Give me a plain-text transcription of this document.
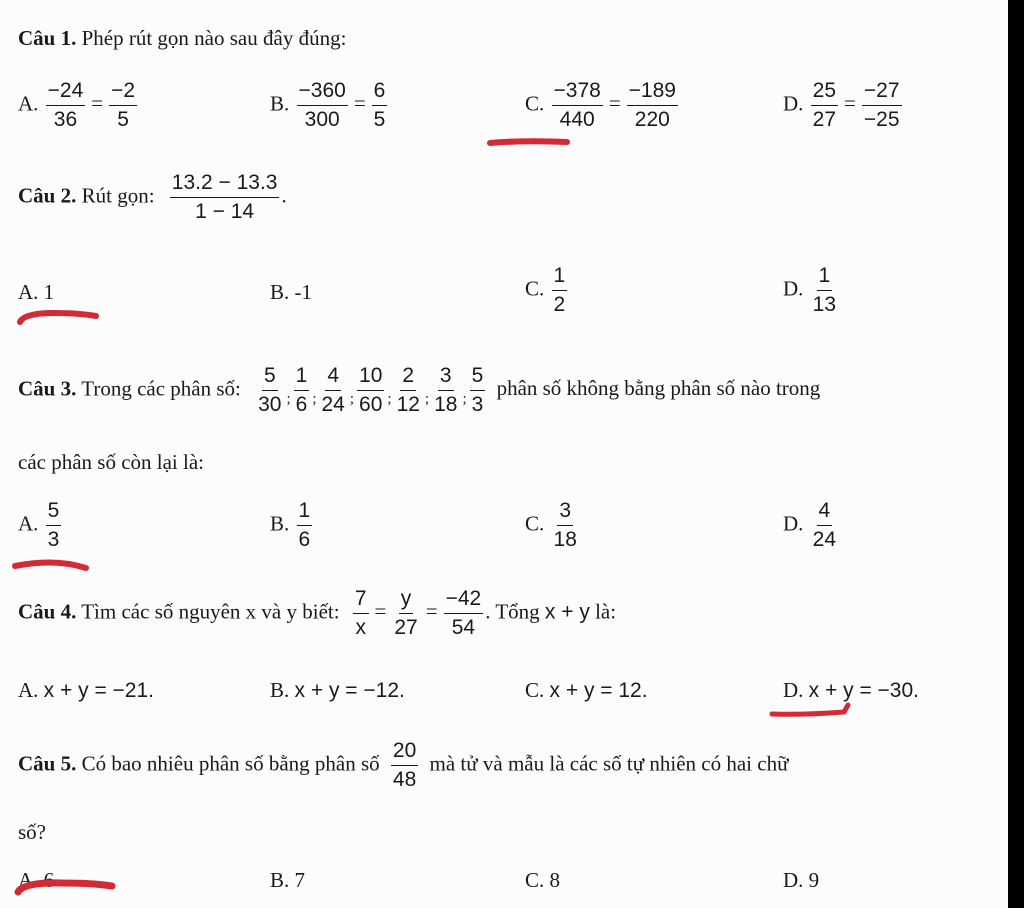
Câu 1. Phép rút gọn nào sau đây đúng:
A. $\frac{-24}{36} = \frac{-2}{5}$	B. $\frac{-360}{300} = \frac{6}{5}$	C. $\frac{-378}{440} = \frac{-189}{220}$	D. $\frac{25}{27} = \frac{-27}{-25}$
Câu 2. Rút gọn: $\frac{13.2 - 13.3}{1 - 14}$ .
A. 1	B. -1	C. $\frac{1}{2}$	D. $\frac{1}{13}$
Câu 3. Trong các phân số: $\frac{5}{30} _; \frac{1}{6} _; \frac{4}{24} _; \frac{10}{60} _; \frac{2}{12} _; \frac{3}{18} _; \frac{5}{3}$ phân số không bằng phân số nào trong
các phân số còn lại là:
A. $\frac{5}{3}$	B. $\frac{1}{6}$	C. $\frac{3}{18}$	D. $\frac{4}{24}$
Câu 4. Tìm các số nguyên x và y biết: $\frac{7}{x} = \frac{y}{27} = \frac{-42}{54}$ . Tổng x + y là:
A. x + y = −21.	B. x + y = −12.	C. x + y = 12.	D. x + y = −30.
Câu 5. Có bao nhiêu phân số bằng phân số $\frac{20}{48}$ mà tử và mẫu là các số tự nhiên có hai chữ
số?
A. 6	B. 7	C. 8	D. 9
